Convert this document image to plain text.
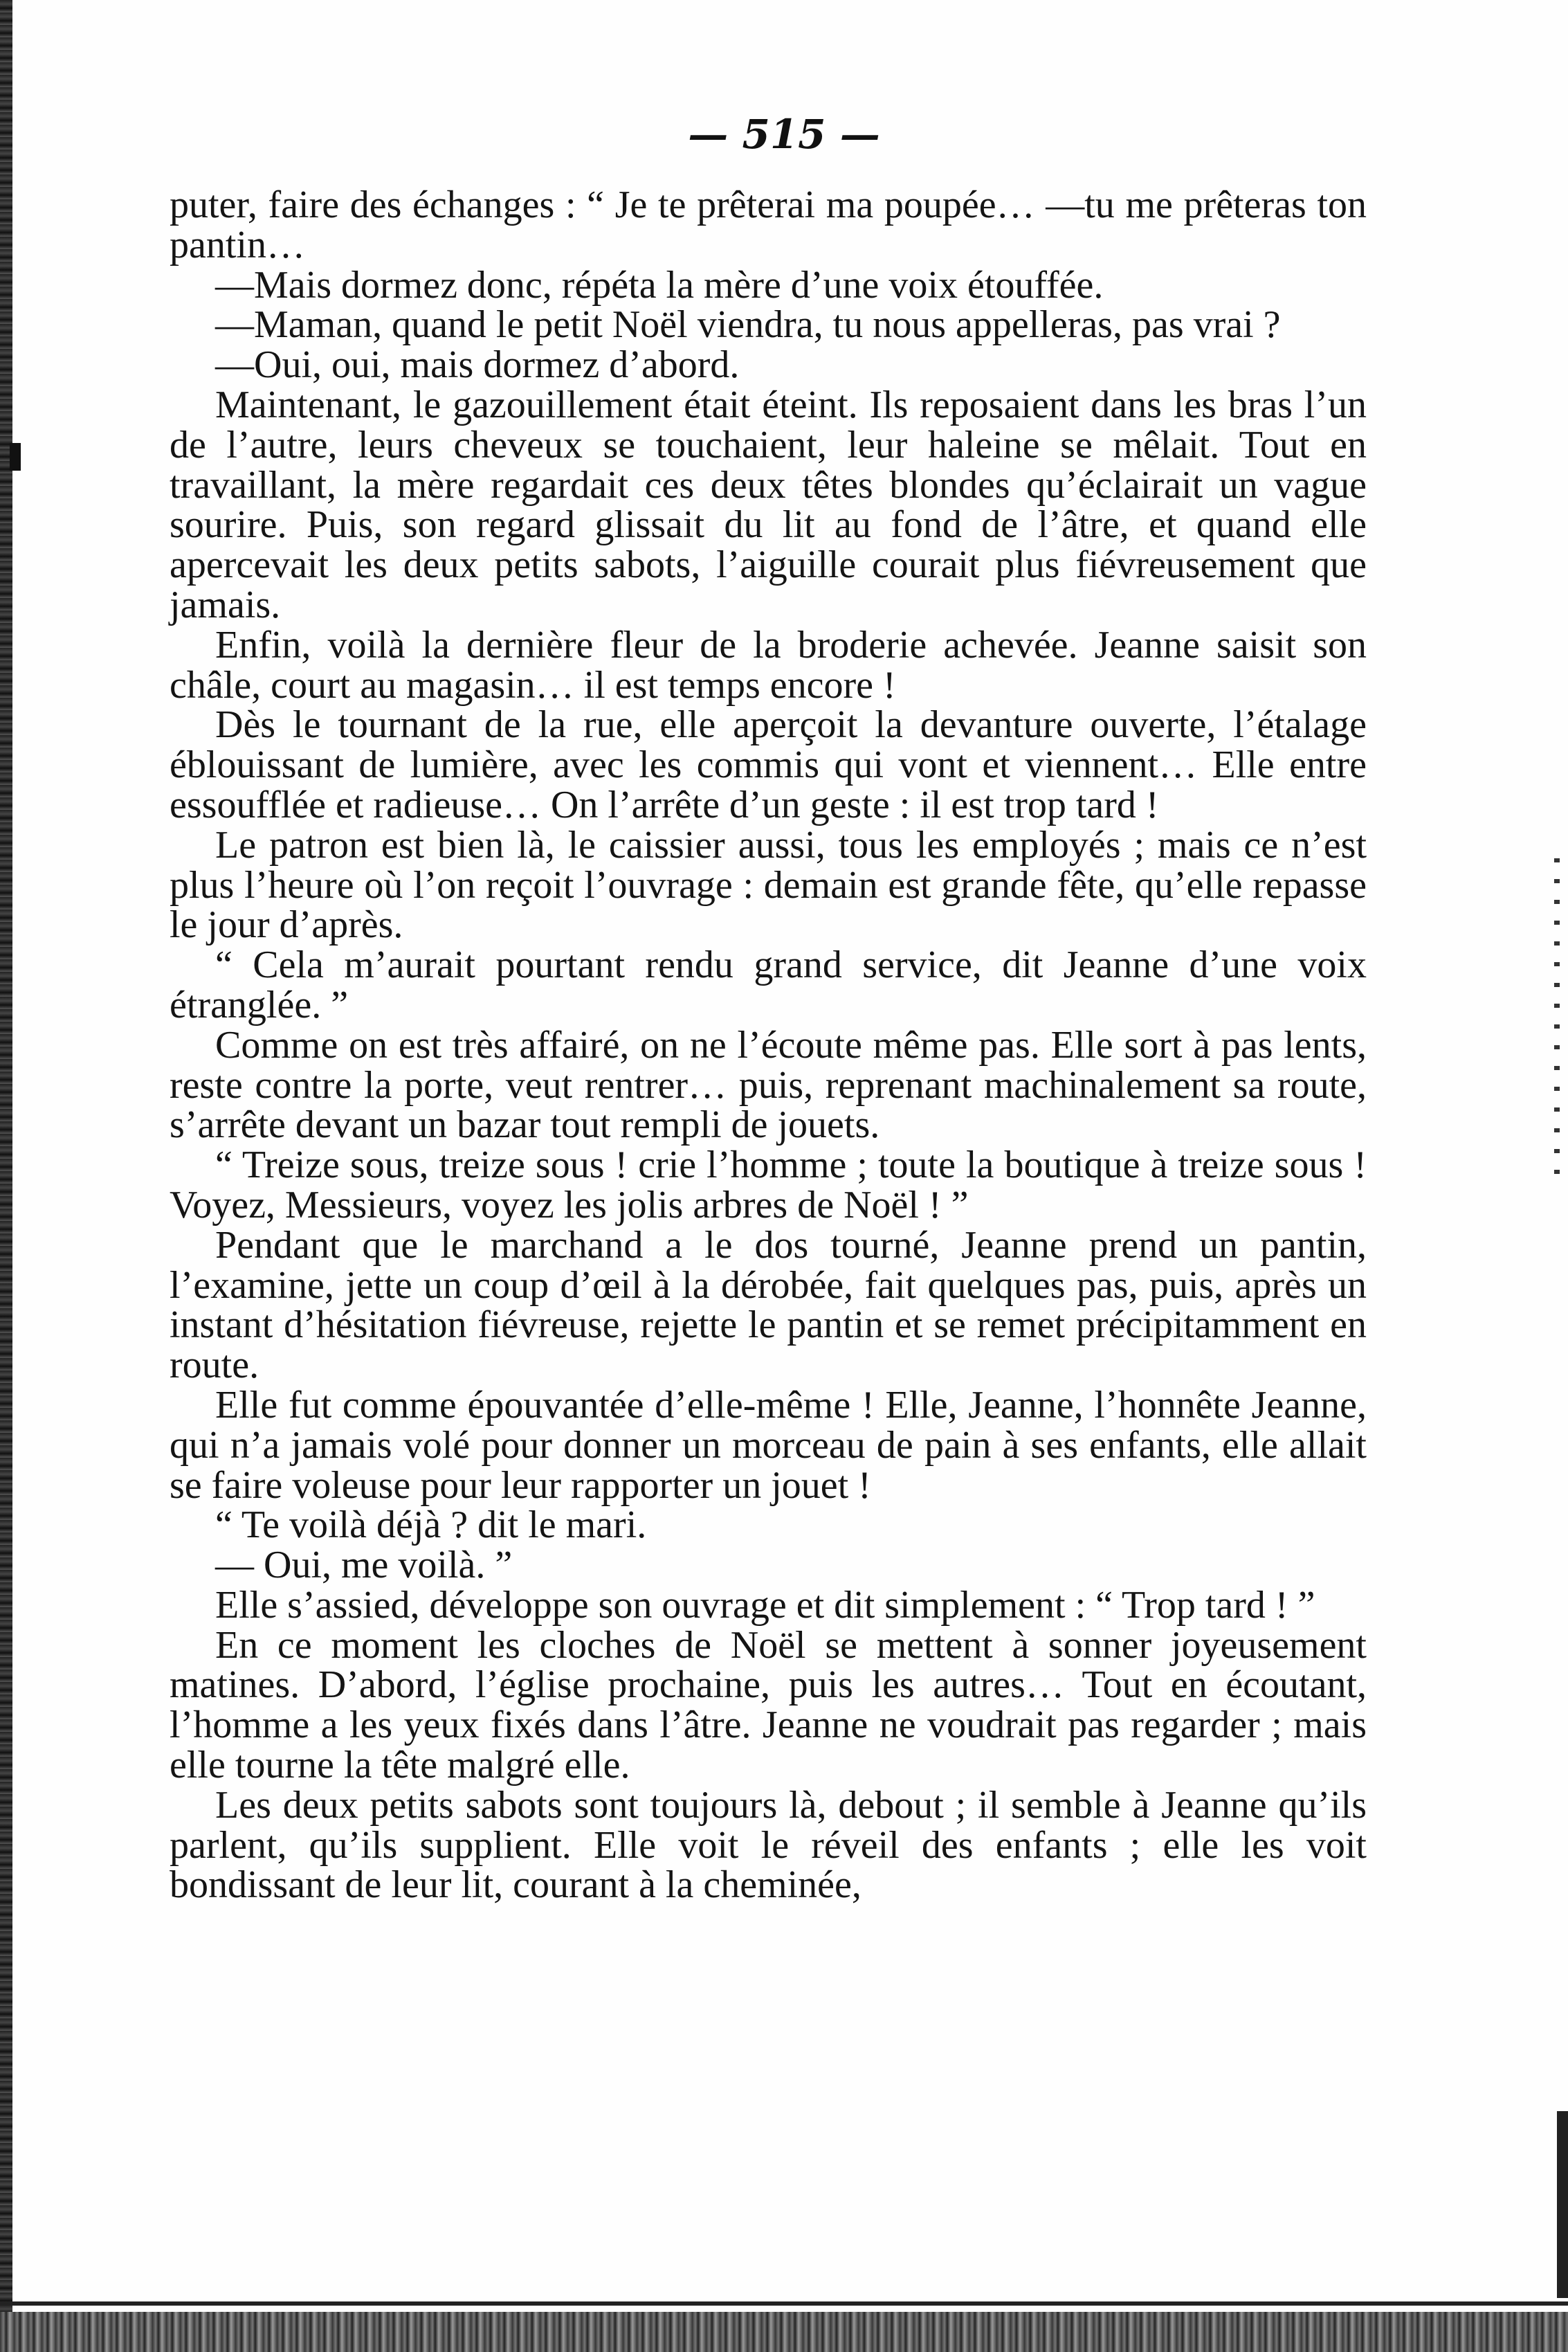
— 515 —

puter, faire des échanges : “ Je te prêterai ma poupée… —tu me prêteras ton pantin…

—Mais dormez donc, répéta la mère d’une voix étouffée.

—Maman, quand le petit Noël viendra, tu nous appelleras, pas vrai ?

—Oui, oui, mais dormez d’abord.

Maintenant, le gazouillement était éteint. Ils reposaient dans les bras l’un de l’autre, leurs cheveux se touchaient, leur haleine se mêlait. Tout en travaillant, la mère regardait ces deux têtes blondes qu’éclairait un vague sourire. Puis, son regard glissait du lit au fond de l’âtre, et quand elle apercevait les deux petits sabots, l’aiguille courait plus fiévreusement que jamais.

Enfin, voilà la dernière fleur de la broderie achevée. Jeanne saisit son châle, court au magasin… il est temps encore !

Dès le tournant de la rue, elle aperçoit la devanture ouverte, l’étalage éblouissant de lumière, avec les commis qui vont et viennent… Elle entre essoufflée et radieuse… On l’arrête d’un geste : il est trop tard !

Le patron est bien là, le caissier aussi, tous les employés ; mais ce n’est plus l’heure où l’on reçoit l’ouvrage : demain est grande fête, qu’elle repasse le jour d’après.

“ Cela m’aurait pourtant rendu grand service, dit Jeanne d’une voix étranglée. ”

Comme on est très affairé, on ne l’écoute même pas. Elle sort à pas lents, reste contre la porte, veut rentrer… puis, reprenant machinalement sa route, s’arrête devant un bazar tout rempli de jouets.

“ Treize sous, treize sous ! crie l’homme ; toute la boutique à treize sous ! Voyez, Messieurs, voyez les jolis arbres de Noël ! ”

Pendant que le marchand a le dos tourné, Jeanne prend un pantin, l’examine, jette un coup d’œil à la dérobée, fait quelques pas, puis, après un instant d’hésitation fiévreuse, rejette le pantin et se remet précipitamment en route.

Elle fut comme épouvantée d’elle-même ! Elle, Jeanne, l’honnête Jeanne, qui n’a jamais volé pour donner un morceau de pain à ses enfants, elle allait se faire voleuse pour leur rapporter un jouet !

“ Te voilà déjà ? dit le mari.

— Oui, me voilà. ”

Elle s’assied, développe son ouvrage et dit simplement : “ Trop tard ! ”

En ce moment les cloches de Noël se mettent à sonner joyeusement matines. D’abord, l’église prochaine, puis les autres… Tout en écoutant, l’homme a les yeux fixés dans l’âtre. Jeanne ne voudrait pas regarder ; mais elle tourne la tête malgré elle.

Les deux petits sabots sont toujours là, debout ; il semble à Jeanne qu’ils parlent, qu’ils supplient. Elle voit le réveil des enfants ; elle les voit bondissant de leur lit, courant à la cheminée,
